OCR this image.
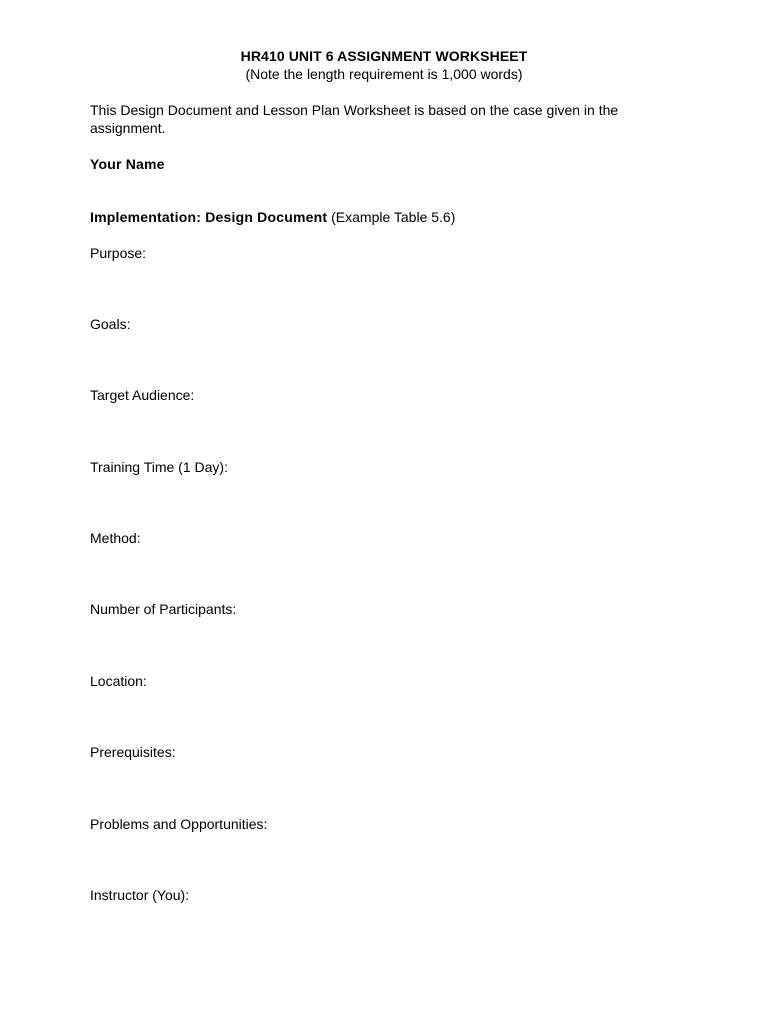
HR410 UNIT 6 ASSIGNMENT WORKSHEET
(Note the length requirement is 1,000 words)
This Design Document and Lesson Plan Worksheet is based on the case given in the assignment.
Your Name
Implementation: Design Document (Example Table 5.6)
Purpose:
Goals:
Target Audience:
Training Time (1 Day):
Method:
Number of Participants:
Location:
Prerequisites:
Problems and Opportunities:
Instructor (You):
